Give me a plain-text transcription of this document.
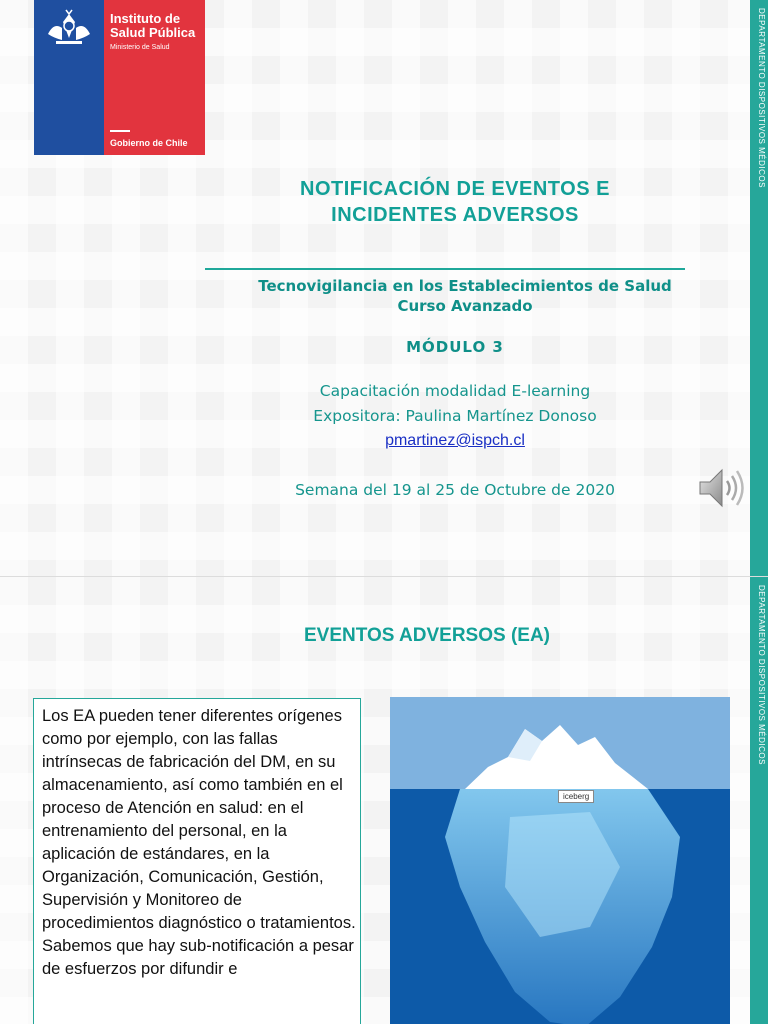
Instituto de Salud Pública
Ministerio de Salud
Gobierno de Chile
NOTIFICACIÓN DE EVENTOS E
INCIDENTES ADVERSOS
Tecnovigilancia en los Establecimientos de Salud
Curso Avanzado
MÓDULO 3
Capacitación modalidad E-learning
Expositora: Paulina Martínez Donoso
pmartinez@ispch.cl
Semana del 19 al 25 de Octubre de 2020
DEPARTAMENTO DISPOSITIVOS MÉDICOS
EVENTOS ADVERSOS (EA)
Los EA pueden tener diferentes orígenes como por ejemplo, con las fallas intrínsecas de fabricación del DM, en su almacenamiento, así como también en el proceso de Atención en salud: en el entrenamiento del personal, en la aplicación de estándares, en la Organización, Comunicación, Gestión, Supervisión y Monitoreo de procedimientos diagnóstico o tratamientos. Sabemos que hay sub-notificación a pesar de esfuerzos por difundir e
iceberg
DEPARTAMENTO DISPOSITIVOS MÉDICOS
